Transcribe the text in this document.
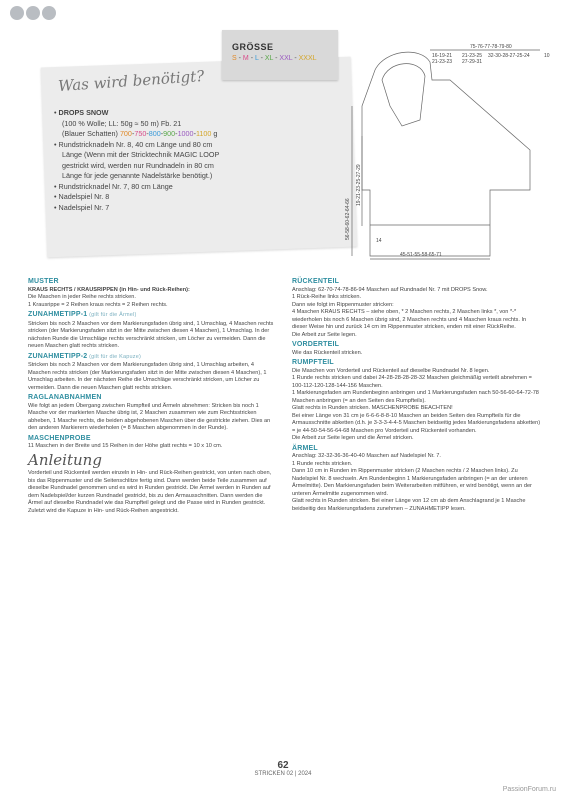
Was wird benötigt?
• DROPS SNOW
(100 % Wolle; LL: 50g ≈ 50 m) Fb. 21
(Blauer Schatten) 700-750-800-900-1000-1100 g
• Rundstricknadeln Nr. 8, 40 cm Länge und 80 cm
Länge (Wenn mit der Stricktechnik MAGIC LOOP
gestrickt wird, werden nur Rundnadeln in 80 cm
Länge für jede genannte Nadelstärke benötigt.)
• Rundstricknadel Nr. 7, 80 cm Länge
• Nadelspiel Nr. 8
• Nadelspiel Nr. 7
GRÖSSE
S - M - L - XL - XXL - XXXL
75-76-77-78-79-80
10
16-19-21
21-23-23
21-23-25
27-29-31
32-30-28-27-25-24
56-58-60-62-64-66
19-21-23-25-27-29
14
45-51-55-58-65-71

MUSTER

KRAUS RECHTS / KRAUSRIPPEN (in Hin- und Rück-Reihen):

Die Maschen in jeder Reihe rechts stricken.

1 Krausrippe = 2 Reihen kraus rechts = 2 Reihen rechts.

ZUNAHMETIPP-1 (gilt für die Ärmel)

Stricken bis noch 2 Maschen vor dem Markierungsfaden übrig sind, 1 Umschlag, 4 Maschen rechts stricken (der Markierungsfaden sitzt in der Mitte zwischen diesen 4 Maschen), 1 Umschlag. In der nächsten Runde die Umschläge rechts verschränkt stricken, um Löcher zu vermeiden. Dann die neuen Maschen glatt rechts stricken.

ZUNAHMETIPP-2 (gilt für die Kapuze)

Stricken bis noch 2 Maschen vor dem Markierungsfaden übrig sind, 1 Umschlag arbeiten, 4 Maschen rechts stricken (der Markierungsfaden sitzt in der Mitte zwischen diesen 4 Maschen), 1 Umschlag arbeiten. In der nächsten Reihe die Umschläge verschränkt stricken, um Löcher zu vermeiden. Dann die neuen Maschen glatt rechts stricken.

RAGLANABNAHMEN

Wie folgt an jedem Übergang zwischen Rumpfteil und Ärmeln abnehmen: Stricken bis noch 1 Masche vor der markierten Masche übrig ist, 2 Maschen zusammen wie zum Rechtsstricken abheben, 1 Masche rechts, die beiden abgehobenen Maschen über die gestrickte ziehen. Dies an den anderen Markierern wiederholen (= 8 Maschen abgenommen in der Runde).

MASCHENPROBE

11 Maschen in der Breite und 15 Reihen in der Höhe glatt rechts = 10 x 10 cm.

Anleitung

Vorderteil und Rückenteil werden einzeln in Hin- und Rück-Reihen gestrickt, von unten nach oben, bis das Rippenmuster und die Seitenschlitze fertig sind. Dann werden beide Teile zusammen auf dieselbe Rundnadel genommen und es wird in Runden gestrickt. Die Ärmel werden in Runden auf dem Nadelspiel/der kurzen Rundnadel gestrickt, bis zu den Armausschnitten. Dann werden die Ärmel auf dieselbe Rundnadel wie das Rumpfteil gelegt und die Passe wird in Runden gestrickt. Zuletzt wird die Kapuze in Hin- und Rück-Reihen angestrickt.

RÜCKENTEIL

Anschlag: 62-70-74-78-86-94 Maschen auf Rundnadel Nr. 7 mit DROPS Snow.

1 Rück-Reihe links stricken.

Dann wie folgt im Rippenmuster stricken:

4 Maschen KRAUS RECHTS – siehe oben, * 2 Maschen rechts, 2 Maschen links *, von *-* wiederholen bis noch 6 Maschen übrig sind, 2 Maschen rechts und 4 Maschen kraus rechts. In dieser Weise hin und zurück 14 cm im Rippenmuster stricken, enden mit einer RückReihe.

Die Arbeit zur Seite legen.

VORDERTEIL

Wie das Rückenteil stricken.

RUMPFTEIL

Die Maschen von Vorderteil und Rückenteil auf dieselbe Rundnadel Nr. 8 legen.

1 Runde rechts stricken und dabei 24-28-28-28-28-32 Maschen gleichmäßig verteilt abnehmen = 100-112-120-128-144-156 Maschen.

1 Markierungsfaden am Rundenbeginn anbringen und 1 Markierungsfaden nach 50-56-60-64-72-78 Maschen anbringen (= an den Seiten des Rumpfteils).

Glatt rechts in Runden stricken. MASCHENPROBE BEACHTEN!

Bei einer Länge von 31 cm je 6-6-6-8-8-10 Maschen an beiden Seiten des Rumpfteils für die Armausschnitte abketten (d.h. je 3-3-3-4-4-5 Maschen beidseitig jedes Markierungsfadens abketten) = je 44-50-54-56-64-68 Maschen pro Vorderteil und Rückenteil vorhanden.

Die Arbeit zur Seite legen und die Ärmel stricken.

ÄRMEL

Anschlag: 32-32-36-36-40-40 Maschen auf Nadelspiel Nr. 7.

1 Runde rechts stricken.

Dann 10 cm in Runden im Rippenmuster stricken (2 Maschen rechts / 2 Maschen links). Zu Nadelspiel Nr. 8 wechseln. Am Rundenbeginn 1 Markierungsfaden anbringen (= an der unteren Ärmelmitte). Den Markierungsfaden beim Weiterarbeiten mitführen, er wird benötigt, wenn an der unteren Ärmelmitte zugenommen wird.

Glatt rechts in Runden stricken. Bei einer Länge von 12 cm ab dem Anschlagrand je 1 Masche beidseitig des Markierungsfadens zunehmen – ZUNAHMETIPP lesen.

62
STRICKEN 02 | 2024
PassionForum.ru
